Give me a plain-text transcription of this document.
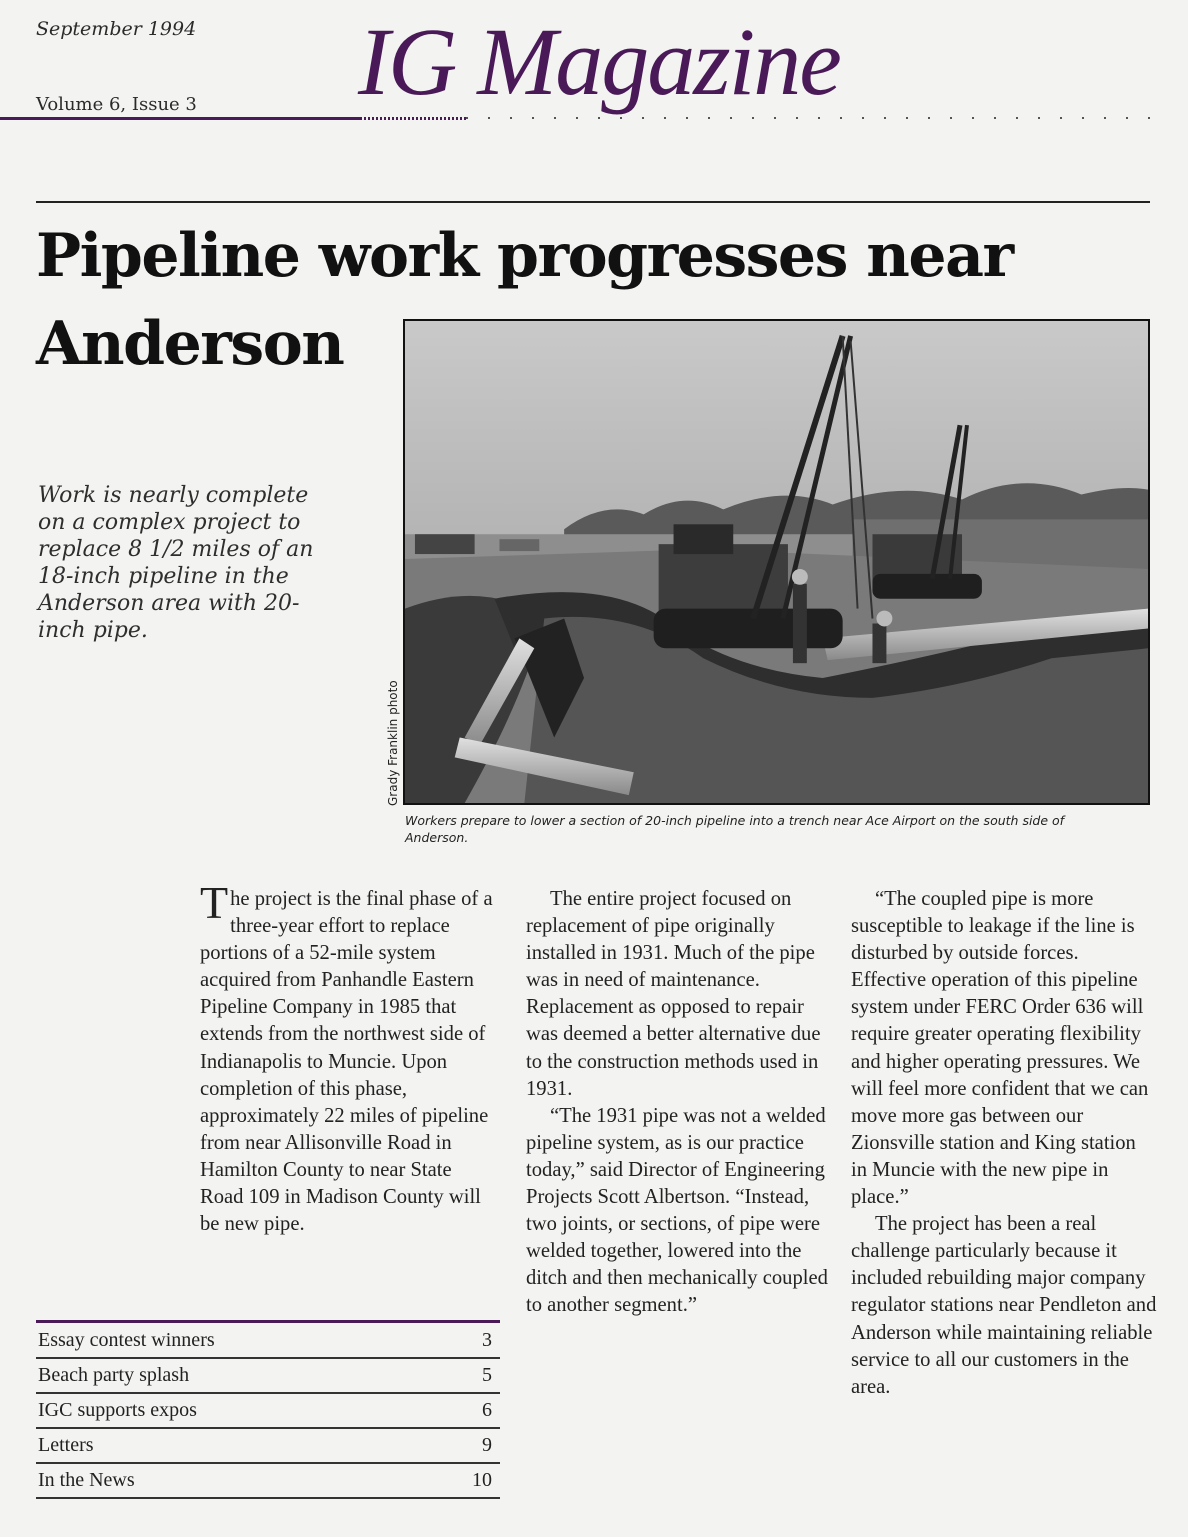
September 1994
Volume 6, Issue 3 IG Magazine
Pipeline work progresses near Anderson
Work is nearly complete on a complex project to replace 8 1/2 miles of an 18-inch pipeline in the Anderson area with 20-inch pipe.
Grady Franklin photo
Workers prepare to lower a section of 20-inch pipeline into a trench near Ace Airport on the south side of Anderson.

The project is the final phase of a three-year effort to replace portions of a 52-mile system acquired from Panhandle Eastern Pipeline Company in 1985 that extends from the northwest side of Indianapolis to Muncie. Upon completion of this phase, approximately 22 miles of pipeline from near Allisonville Road in Hamilton County to near State Road 109 in Madison County will be new pipe.

The entire project focused on replacement of pipe originally installed in 1931. Much of the pipe was in need of maintenance. Replacement as opposed to repair was deemed a better alternative due to the construction methods used in 1931.

“The 1931 pipe was not a welded pipeline system, as is our practice today,” said Director of Engineering Projects Scott Albertson. “Instead, two joints, or sections, of pipe were welded together, lowered into the ditch and then mechanically coupled to another segment.”

“The coupled pipe is more susceptible to leakage if the line is disturbed by outside forces. Effective operation of this pipeline system under FERC Order 636 will require greater operating flexibility and higher operating pressures. We will feel more confident that we can move more gas between our Zionsville station and King station in Muncie with the new pipe in place.”

The project has been a real challenge particularly because it included rebuilding major company regulator stations near Pendleton and Anderson while maintaining reliable service to all our customers in the area.

Essay contest winners	3
Beach party splash	5
IGC supports expos	6
Letters	9
In the News	10
